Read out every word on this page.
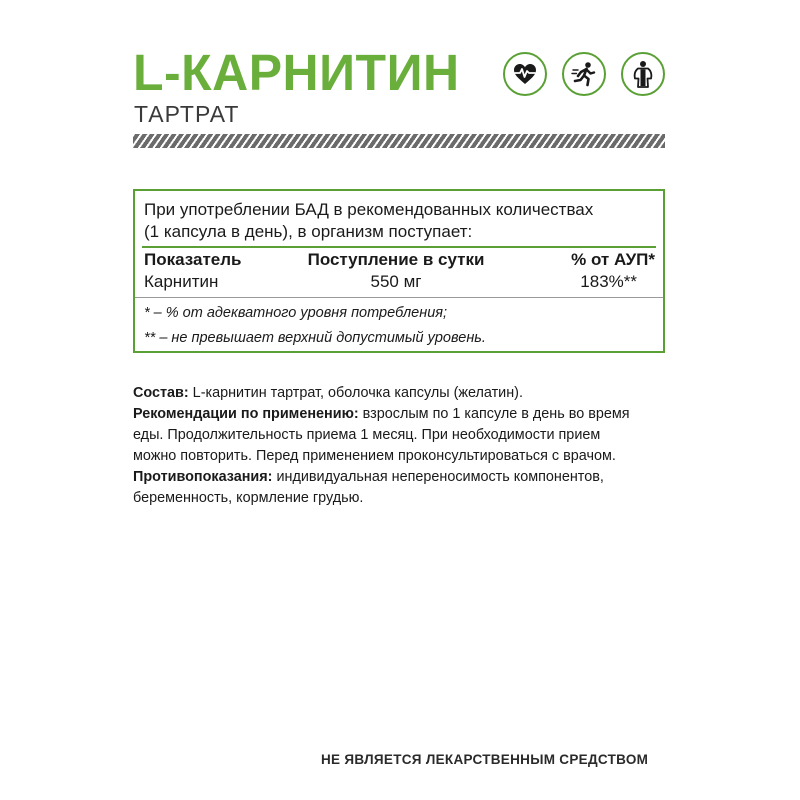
L-КАРНИТИН
ТАРТРАТ

При употреблении БАД в рекомендованных количествах
(1 капсула в день), в организм поступает:

Показатель	Поступление в сутки	% от АУП*
Карнитин	550 мг	183%**

* – % от адекватного уровня потребления;

** – не превышает верхний допустимый уровень.

Состав: L-карнитин тартрат, оболочка капсулы (желатин).
Рекомендации по применению: взрослым по 1 капсуле в день во время
еды. Продолжительность приема 1 месяц. При необходимости прием
можно повторить. Перед применением проконсультироваться с врачом.
Противопоказания: индивидуальная непереносимость компонентов,
беременность, кормление грудью.

НЕ ЯВЛЯЕТСЯ ЛЕКАРСТВЕННЫМ СРЕДСТВОМ
